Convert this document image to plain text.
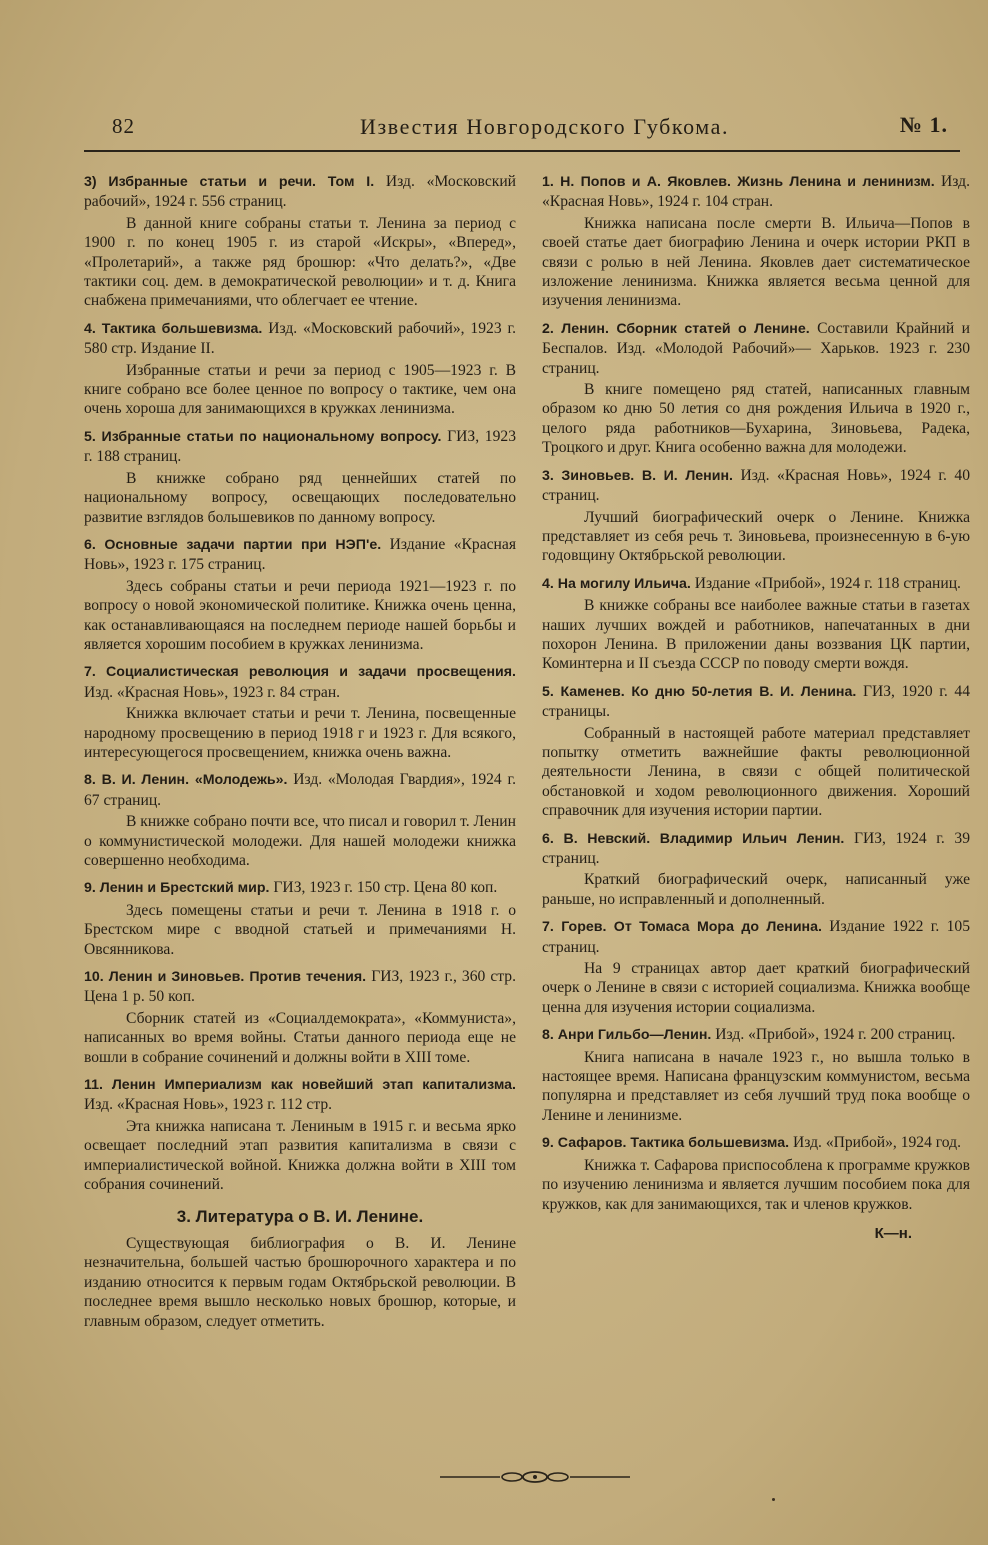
82	Известия Новгородского Губкома.	№ 1.
3) Избранные статьи и речи. Том I. Изд. «Московский рабочий», 1924 г. 556 страниц.
В данной книге собраны статьи т. Ленина за период с 1900 г. по конец 1905 г. из старой «Искры», «Вперед», «Пролетарий», а также ряд брошюр: «Что делать?», «Две тактики соц. дем. в демократической революции» и т. д. Книга снабжена примечаниями, что облегчает ее чтение.
4. Тактика большевизма. Изд. «Московский рабочий», 1923 г. 580 стр. Издание II.
Избранные статьи и речи за период с 1905—1923 г. В книге собрано все более ценное по вопросу о тактике, чем она очень хороша для занимающихся в кружках ленинизма.
5. Избранные статьи по национальному вопросу. ГИЗ, 1923 г. 188 страниц.
В книжке собрано ряд ценнейших статей по национальному вопросу, освещающих последовательно развитие взглядов большевиков по данному вопросу.
6. Основные задачи партии при НЭП'е. Издание «Красная Новь», 1923 г. 175 страниц.
Здесь собраны статьи и речи периода 1921—1923 г. по вопросу о новой экономической политике. Книжка очень ценна, как останавливающаяся на последнем периоде нашей борьбы и является хорошим пособием в кружках ленинизма.
7. Социалистическая революция и задачи просвещения. Изд. «Красная Новь», 1923 г. 84 стран.
Книжка включает статьи и речи т. Ленина, посвещенные народному просвещению в период 1918 г и 1923 г. Для всякого, интересующегося просвещением, книжка очень важна.
8. В. И. Ленин. «Молодежь». Изд. «Молодая Гвардия», 1924 г. 67 страниц.
В книжке собрано почти все, что писал и говорил т. Ленин о коммунистической молодежи. Для нашей молодежи книжка совершенно необходима.
9. Ленин и Брестский мир. ГИЗ, 1923 г. 150 стр. Цена 80 коп.
Здесь помещены статьи и речи т. Ленина в 1918 г. о Брестском мире с вводной статьей и примечаниями Н. Овсянникова.
10. Ленин и Зиновьев. Против течения. ГИЗ, 1923 г., 360 стр. Цена 1 р. 50 коп.
Сборник статей из «Социалдемократа», «Коммуниста», написанных во время войны. Статьи данного периода еще не вошли в собрание сочинений и должны войти в XIII томе.
11. Ленин Империализм как новейший этап капитализма. Изд. «Красная Новь», 1923 г. 112 стр.
Эта книжка написана т. Лениным в 1915 г. и весьма ярко освещает последний этап развития капитализма в связи с империалистической войной. Книжка должна войти в XIII том собрания сочинений.
3. Литература о В. И. Ленине.
Существующая библиография о В. И. Ленине незначительна, большей частью брошюрочного характера и по изданию относится к первым годам Октябрьской революции. В последнее время вышло несколько новых брошюр, которые, и главным образом, следует отметить.
1. Н. Попов и А. Яковлев. Жизнь Ленина и ленинизм. Изд. «Красная Новь», 1924 г. 104 стран.
Книжка написана после смерти В. Ильича—Попов в своей статье дает биографию Ленина и очерк истории РКП в связи с ролью в ней Ленина. Яковлев дает систематическое изложение ленинизма. Книжка является весьма ценной для изучения ленинизма.
2. Ленин. Сборник статей о Ленине. Составили Крайний и Беспалов. Изд. «Молодой Рабочий»— Харьков. 1923 г. 230 страниц.
В книге помещено ряд статей, написанных главным образом ко дню 50 летия со дня рождения Ильича в 1920 г., целого ряда работников—Бухарина, Зиновьева, Радека, Троцкого и друг. Книга особенно важна для молодежи.
3. Зиновьев. В. И. Ленин. Изд. «Красная Новь», 1924 г. 40 страниц.
Лучший биографический очерк о Ленине. Книжка представляет из себя речь т. Зиновьева, произнесенную в 6-ую годовщину Октябрьской революции.
4. На могилу Ильича. Издание «Прибой», 1924 г. 118 страниц.
В книжке собраны все наиболее важные статьи в газетах наших лучших вождей и работников, напечатанных в дни похорон Ленина. В приложении даны воззвания ЦК партии, Коминтерна и II съезда СССР по поводу смерти вождя.
5. Каменев. Ко дню 50-летия В. И. Ленина. ГИЗ, 1920 г. 44 страницы.
Собранный в настоящей работе материал представляет попытку отметить важнейшие факты революционной деятельности Ленина, в связи с общей политической обстановкой и ходом революционного движения. Хороший справочник для изучения истории партии.
6. В. Невский. Владимир Ильич Ленин. ГИЗ, 1924 г. 39 страниц.
Краткий биографический очерк, написанный уже раньше, но исправленный и дополненный.
7. Горев. От Томаса Мора до Ленина. Издание 1922 г. 105 страниц.
На 9 страницах автор дает краткий биографический очерк о Ленине в связи с историей социализма. Книжка вообще ценна для изучения истории социализма.
8. Анри Гильбо—Ленин. Изд. «Прибой», 1924 г. 200 страниц.
Книга написана в начале 1923 г., но вышла только в настоящее время. Написана французским коммунистом, весьма популярна и представляет из себя лучший труд пока вообще о Ленине и ленинизме.
9. Сафаров. Тактика большевизма. Изд. «Прибой», 1924 год.
Книжка т. Сафарова приспособлена к программе кружков по изучению ленинизма и является лучшим пособием пока для кружков, как для занимающихся, так и членов кружков.
К—н.
